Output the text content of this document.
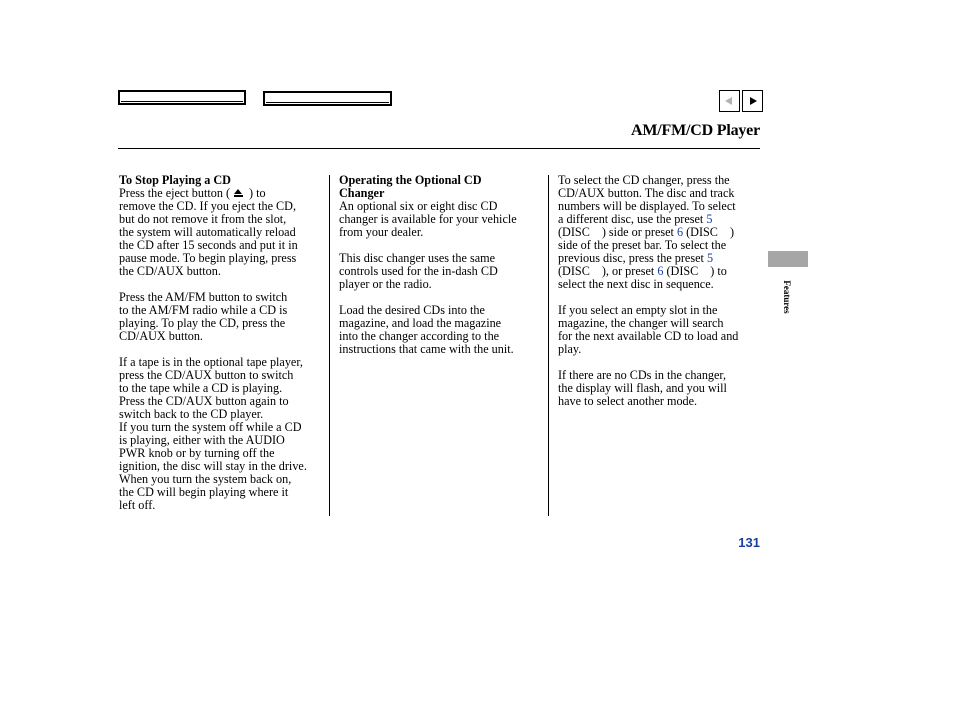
AM/FM/CD Player
To Stop Playing a CD
Press the eject button ( ) to
remove the CD. If you eject the CD,
but do not remove it from the slot,
the system will automatically reload
the CD after 15 seconds and put it in
pause mode. To begin playing, press
the CD/AUX button.
Press the AM/FM button to switch
to the AM/FM radio while a CD is
playing. To play the CD, press the
CD/AUX button.
If a tape is in the optional tape player,
press the CD/AUX button to switch
to the tape while a CD is playing.
Press the CD/AUX button again to
switch back to the CD player.
If you turn the system off while a CD
is playing, either with the AUDIO
PWR knob or by turning off the
ignition, the disc will stay in the drive.
When you turn the system back on,
the CD will begin playing where it
left off.
Operating the Optional CD
Changer
An optional six or eight disc CD
changer is available for your vehicle
from your dealer.
This disc changer uses the same
controls used for the in-dash CD
player or the radio.
Load the desired CDs into the
magazine, and load the magazine
into the changer according to the
instructions that came with the unit.
To select the CD changer, press the
CD/AUX button. The disc and track
numbers will be displayed. To select
a different disc, use the preset 5
(DISC ) side or preset 6 (DISC )
side of the preset bar. To select the
previous disc, press the preset 5
(DISC ), or preset 6 (DISC ) to
select the next disc in sequence.
If you select an empty slot in the
magazine, the changer will search
for the next available CD to load and
play.
If there are no CDs in the changer,
the display will flash, and you will
have to select another mode.
Features
131
